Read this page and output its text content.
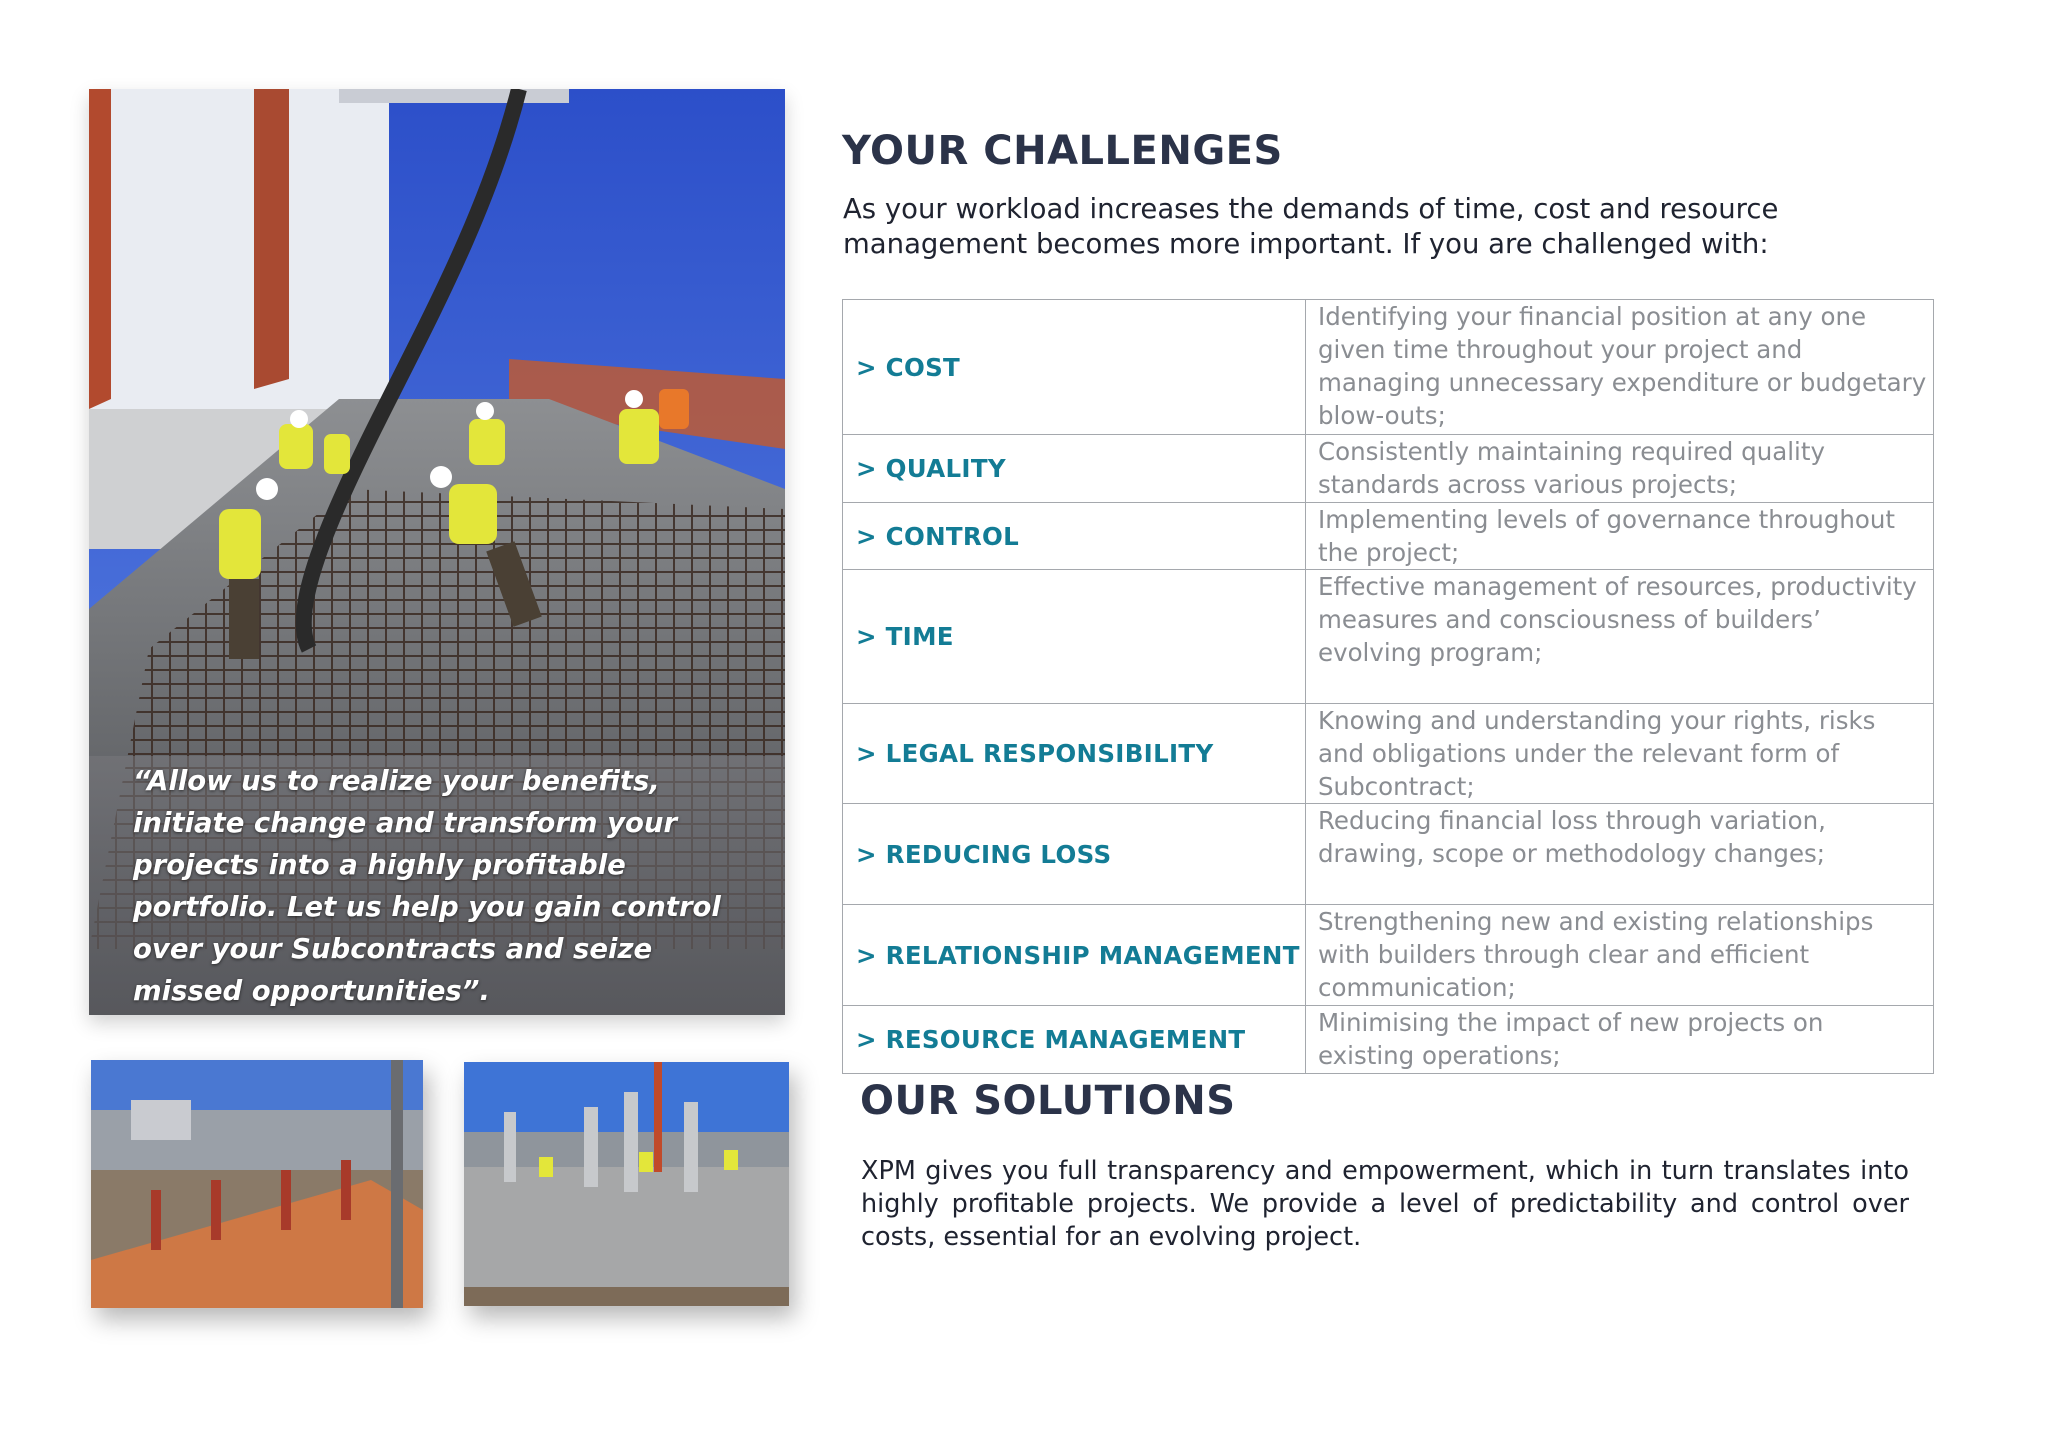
“Allow us to realize your benefits, initiate change and transform your projects into a highly profitable portfolio. Let us help you gain control over your Subcontracts and seize missed opportunities”.

YOUR CHALLENGES

As your workload increases the demands of time, cost and resource management becomes more important. If you are challenged with:

> COST	Identifying your financial position at any one given time throughout your project and managing unnecessary expenditure or budgetary blow-outs;
> QUALITY	Consistently maintaining required quality standards across various projects;
> CONTROL	Implementing levels of governance throughout the project;
> TIME	Effective management of resources, productivity measures and consciousness of builders’ evolving program;
> LEGAL RESPONSIBILITY	Knowing and understanding your rights, risks and obligations under the relevant form of Subcontract;
> REDUCING LOSS	Reducing financial loss through variation, drawing, scope or methodology changes;
> RELATIONSHIP MANAGEMENT	Strengthening new and existing relationships with builders through clear and efficient communication;
> RESOURCE MANAGEMENT	Minimising the impact of new projects on existing operations;
OUR SOLUTIONS

XPM gives you full transparency and empowerment, which in turn translates into highly profitable projects. We provide a level of predictability and control over costs, essential for an evolving project.
